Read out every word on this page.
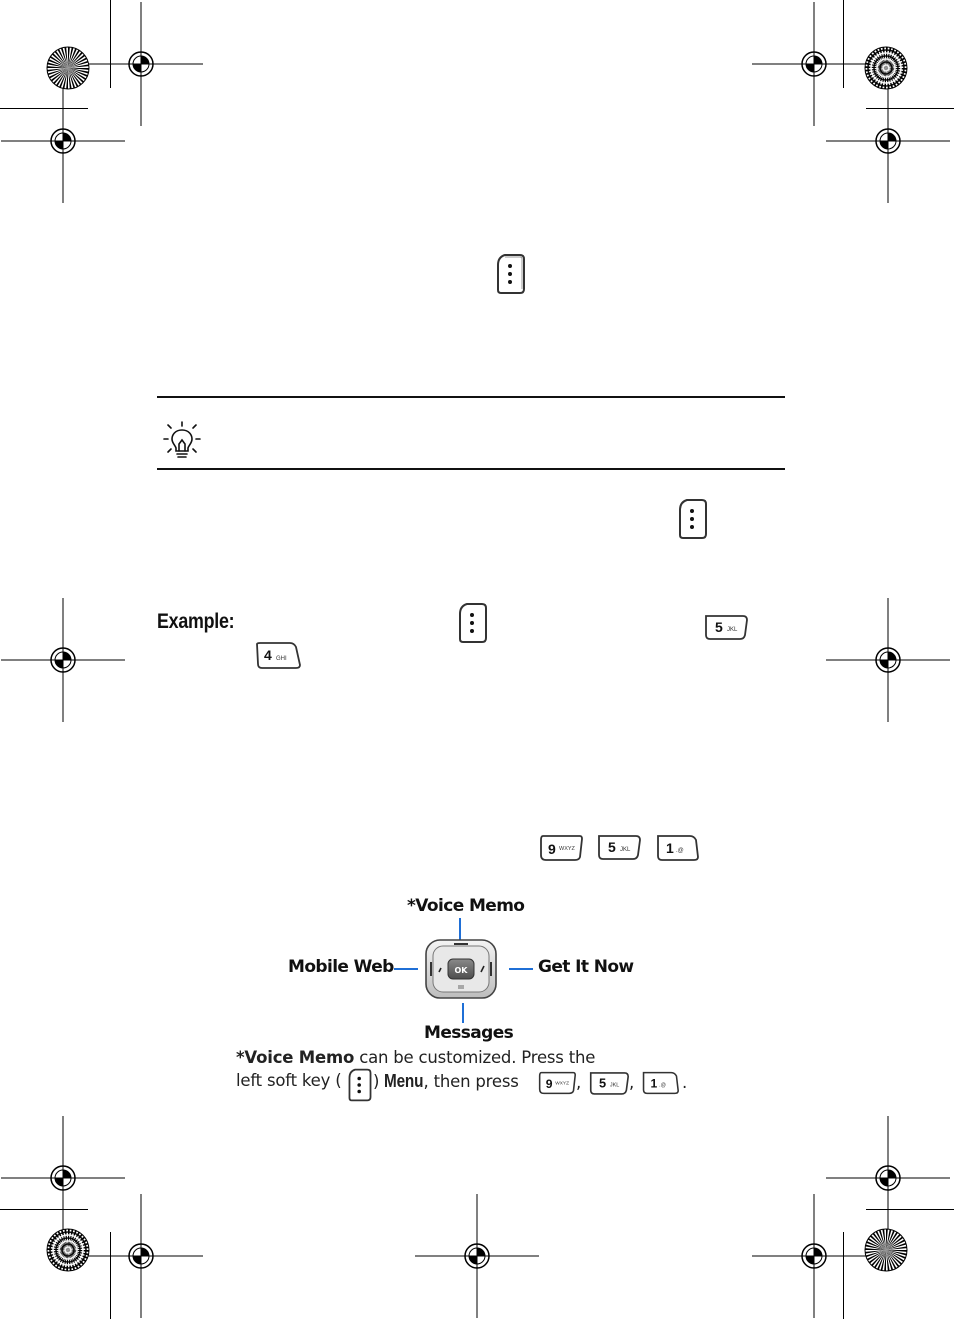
Example:	5 JKL
4 GHI
9 WXYZ 5 JKL	1 .@
*Voice Memo
Mobile Web	Get It Now
Messages
OK
*Voice Memo can be customized. Press the
left soft key ( ) Menu, then press 9 WXYZ , 5 JKL , 1 .@ .
